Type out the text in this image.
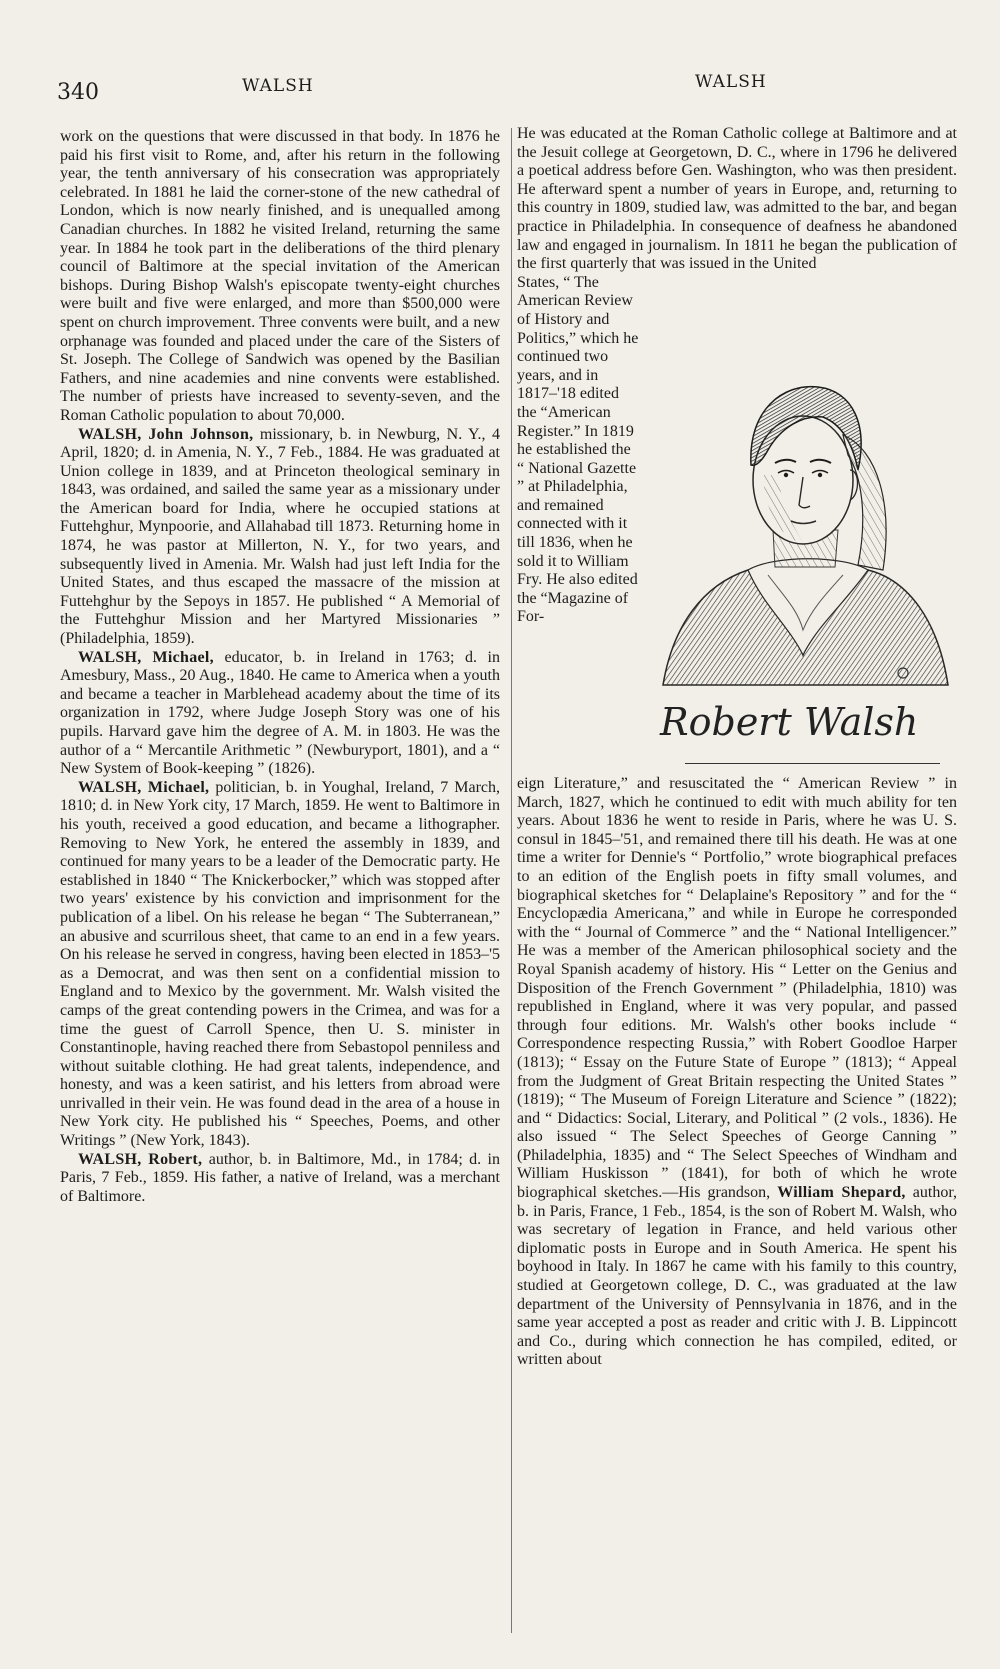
340	WALSH	WALSH

work on the questions that were discussed in that body. In 1876 he paid his first visit to Rome, and, after his return in the following year, the tenth anniversary of his consecration was appropriately celebrated. In 1881 he laid the corner-stone of the new cathedral of London, which is now nearly finished, and is unequalled among Canadian churches. In 1882 he visited Ireland, returning the same year. In 1884 he took part in the deliberations of the third plenary council of Baltimore at the special invitation of the American bishops. During Bishop Walsh's episcopate twenty-eight churches were built and five were enlarged, and more than $500,000 were spent on church improvement. Three convents were built, and a new orphanage was founded and placed under the care of the Sisters of St. Joseph. The College of Sandwich was opened by the Basilian Fathers, and nine academies and nine convents were established. The number of priests have increased to seventy-seven, and the Roman Catholic population to about 70,000.

WALSH, John Johnson, missionary, b. in Newburg, N. Y., 4 April, 1820; d. in Amenia, N. Y., 7 Feb., 1884. He was graduated at Union college in 1839, and at Princeton theological seminary in 1843, was ordained, and sailed the same year as a missionary under the American board for India, where he occupied stations at Futtehghur, Mynpoorie, and Allahabad till 1873. Returning home in 1874, he was pastor at Millerton, N. Y., for two years, and subsequently lived in Amenia. Mr. Walsh had just left India for the United States, and thus escaped the massacre of the mission at Futtehghur by the Sepoys in 1857. He published “ A Memorial of the Futtehghur Mission and her Martyred Missionaries ” (Philadelphia, 1859).

WALSH, Michael, educator, b. in Ireland in 1763; d. in Amesbury, Mass., 20 Aug., 1840. He came to America when a youth and became a teacher in Marblehead academy about the time of its organization in 1792, where Judge Joseph Story was one of his pupils. Harvard gave him the degree of A. M. in 1803. He was the author of a “ Mercantile Arithmetic ” (Newburyport, 1801), and a “ New System of Book-keeping ” (1826).

WALSH, Michael, politician, b. in Youghal, Ireland, 7 March, 1810; d. in New York city, 17 March, 1859. He went to Baltimore in his youth, received a good education, and became a lithographer. Removing to New York, he entered the assembly in 1839, and continued for many years to be a leader of the Democratic party. He established in 1840 “ The Knickerbocker,” which was stopped after two years' existence by his conviction and imprisonment for the publication of a libel. On his release he began “ The Subterranean,” an abusive and scurrilous sheet, that came to an end in a few years. On his release he served in congress, having been elected in 1853–'5 as a Democrat, and was then sent on a confidential mission to England and to Mexico by the government. Mr. Walsh visited the camps of the great contending powers in the Crimea, and was for a time the guest of Carroll Spence, then U. S. minister in Constantinople, having reached there from Sebastopol penniless and without suitable clothing. He had great talents, independence, and honesty, and was a keen satirist, and his letters from abroad were unrivalled in their vein. He was found dead in the area of a house in New York city. He published his “ Speeches, Poems, and other Writings ” (New York, 1843).

WALSH, Robert, author, b. in Baltimore, Md., in 1784; d. in Paris, 7 Feb., 1859. His father, a native of Ireland, was a merchant of Baltimore.

He was educated at the Roman Catholic college at Baltimore and at the Jesuit college at Georgetown, D. C., where in 1796 he delivered a poetical address before Gen. Washington, who was then president. He afterward spent a number of years in Europe, and, returning to this country in 1809, studied law, was admitted to the bar, and began practice in Philadelphia. In consequence of deafness he abandoned law and engaged in journalism. In 1811 he began the publication of the first quarterly that was issued in the United

States, “ The American Review of History and Politics,” which he continued two years, and in 1817–'18 edited the “American Register.” In 1819 he established the “ National Gazette ” at Philadelphia, and remained connected with it till 1836, when he sold it to William Fry. He also edited the “Magazine of For-

Robert Walsh

eign Literature,” and resuscitated the “ American Review ” in March, 1827, which he continued to edit with much ability for ten years. About 1836 he went to reside in Paris, where he was U. S. consul in 1845–'51, and remained there till his death. He was at one time a writer for Dennie's “ Portfolio,” wrote biographical prefaces to an edition of the English poets in fifty small volumes, and biographical sketches for “ Delaplaine's Repository ” and for the “ Encyclopædia Americana,” and while in Europe he corresponded with the “ Journal of Commerce ” and the “ National Intelligencer.” He was a member of the American philosophical society and the Royal Spanish academy of history. His “ Letter on the Genius and Disposition of the French Government ” (Philadelphia, 1810) was republished in England, where it was very popular, and passed through four editions. Mr. Walsh's other books include “ Correspondence respecting Russia,” with Robert Goodloe Harper (1813); “ Essay on the Future State of Europe ” (1813); “ Appeal from the Judgment of Great Britain respecting the United States ” (1819); “ The Museum of Foreign Literature and Science ” (1822); and “ Didactics: Social, Literary, and Political ” (2 vols., 1836). He also issued “ The Select Speeches of George Canning ” (Philadelphia, 1835) and “ The Select Speeches of Windham and William Huskisson ” (1841), for both of which he wrote biographical sketches.—His grandson, William Shepard, author, b. in Paris, France, 1 Feb., 1854, is the son of Robert M. Walsh, who was secretary of legation in France, and held various other diplomatic posts in Europe and in South America. He spent his boyhood in Italy. In 1867 he came with his family to this country, studied at Georgetown college, D. C., was graduated at the law department of the University of Pennsylvania in 1876, and in the same year accepted a post as reader and critic with J. B. Lippincott and Co., during which connection he has compiled, edited, or written about
